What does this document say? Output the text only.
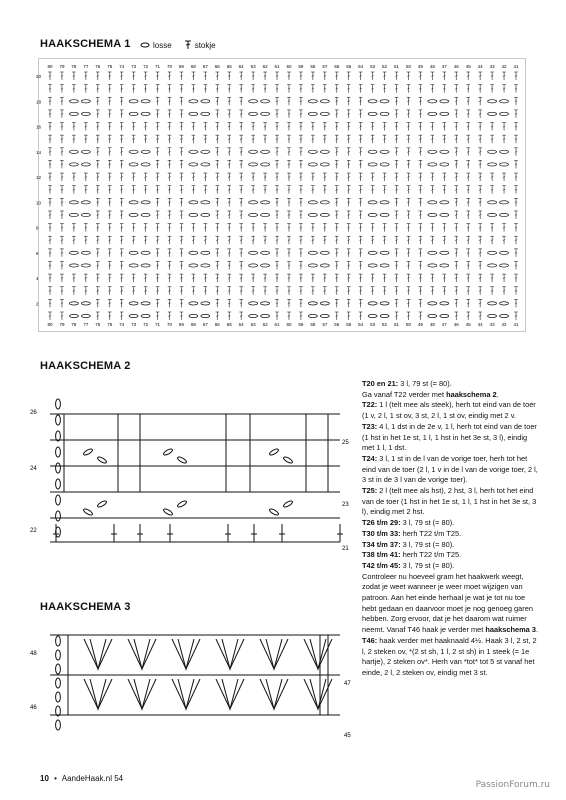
HAAKSCHEMA 1	losse	stokje
80
80
79
79
78
78
77
77
76
76
75
75
74
74
73
73
72
72
71
71
70
70
69
69
68
68
67
67
66
66
65
65
64
64
63
63
62
62
61
61
60
60
59
59
58
58
57
57
56
56
55
55
54
54
53
53
52
52
51
51
50
50
49
49
48
48
47
47
46
46
45
45
44
44
43
43
42
42
41
41
20
18
16
14
12
10
8
6
4
2
HAAKSCHEMA 2
26
24
22
25
23
21
HAAKSCHEMA 3
48
46
47
45

T20 en 21: 3 l, 79 st (= 80).

Ga vanaf T22 verder met haakschema 2.

T22: 1 l (telt mee als steek), herh tot eind van de toer (1 v, 2 l, 1 st ov, 3 st, 2 l, 1 st ov, eindig met 2 v.

T23: 4 l, 1 dst in de 2e v, 1 l, herh tot eind van de toer (1 hst in het 1e st, 1 l, 1 hst in het 3e st, 3 l), eindig met 1 l, 1 dst.

T24: 3 l, 1 st in de l van de vorige toer, herh tot het eind van de toer (2 l, 1 v in de l van de vorige toer, 2 l, 3 st in de 3 l van de vorige toer).

T25: 2 l (telt mee als hst), 2 hst, 3 l, herh tot het eind van de toer (1 hst in het 1e st, 1 l, 1 hst in het 3e st, 3 l), eindig met 2 hst.

T26 t/m 29: 3 l, 79 st (= 80).

T30 t/m 33: herh T22 t/m T25.

T34 t/m 37: 3 l, 79 st (= 80).

T38 t/m 41: herh T22 t/m T25.

T42 t/m 45: 3 l, 79 st (= 80).

Controleer nu hoeveel gram het haakwerk weegt, zodat je weet wanneer je weer moet wijzigen van patroon. Aan het einde herhaal je wat je tot nu toe hebt gedaan en daarvoor moet je nog genoeg garen hebben. Zorg ervoor, dat je het daarom wat ruimer neemt. Vanaf T46 haak je verder met haakschema 3.

T46: haak verder met haaknaald 4½. Haak 3 l, 2 st, 2 l, 2 steken ov, *(2 st sh, 1 l, 2 st sh) in 1 steek (= 1e hartje), 2 steken ov*. Herh van *tot* tot 5 st vanaf het einde, 2 l, 2 steken ov, eindig met 3 st.

10 • AandeHaak.nl 54
PassionForum.ru
